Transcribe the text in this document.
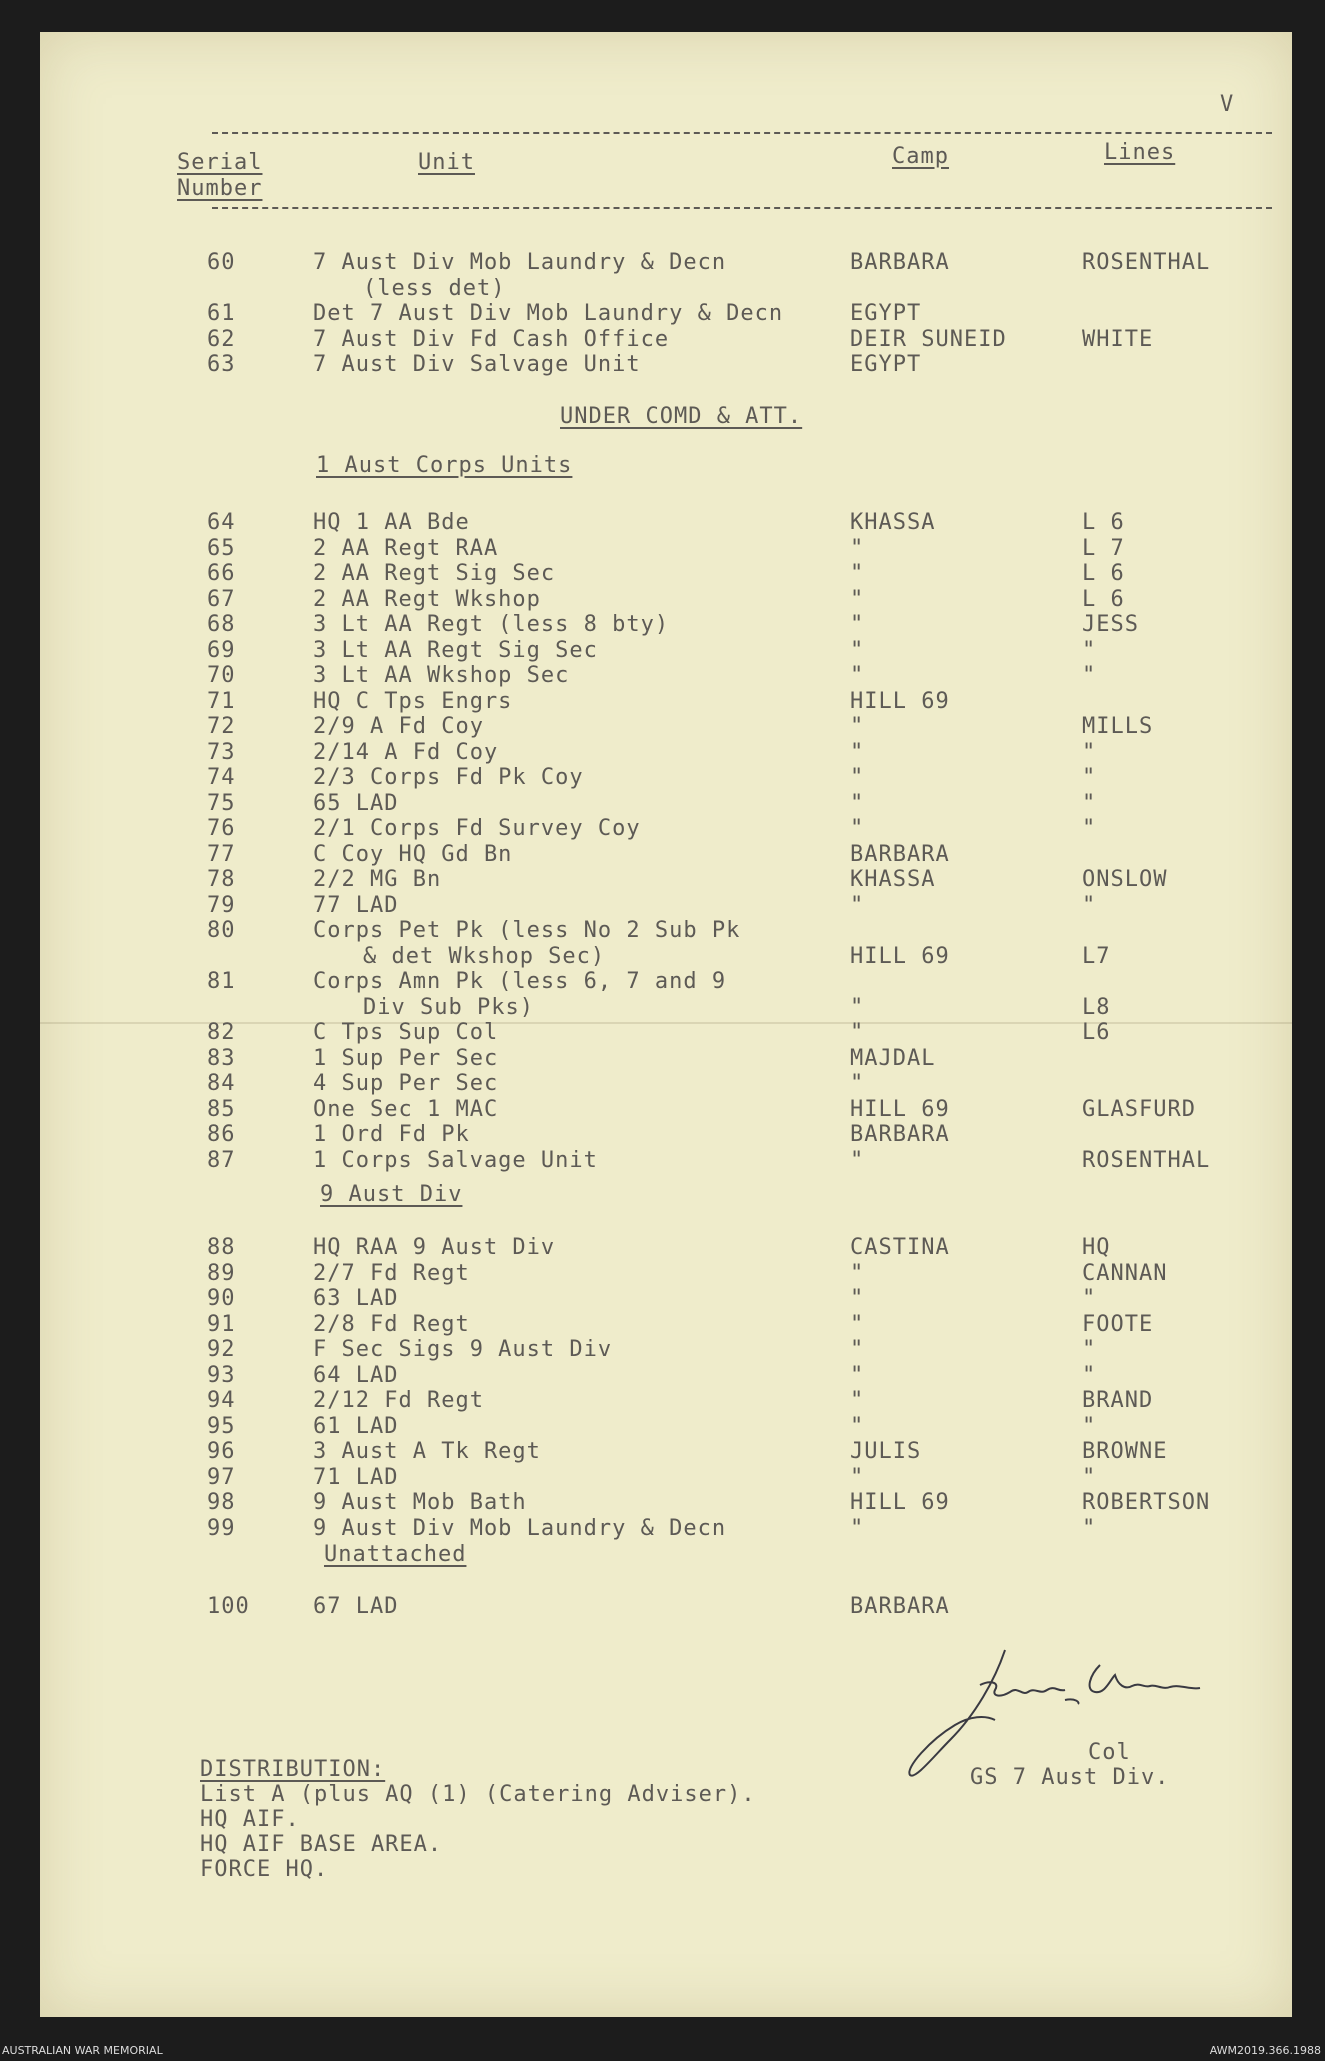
V
Serial
Number
Unit	Camp	Lines
60	7 Aust Div Mob Laundry & Decn	BARBARA	ROSENTHAL
(less det)
61	Det 7 Aust Div Mob Laundry & Decn	EGYPT
62	7 Aust Div Fd Cash Office	DEIR SUNEID	WHITE
63	7 Aust Div Salvage Unit	EGYPT
UNDER COMD & ATT.
1 Aust Corps Units
64	HQ 1 AA Bde	KHASSA	L 6
65	2 AA Regt RAA	"	L 7
66	2 AA Regt Sig Sec	"	L 6
67	2 AA Regt Wkshop	"	L 6
68	3 Lt AA Regt (less 8 bty)	"	JESS
69	3 Lt AA Regt Sig Sec	"	"
70	3 Lt AA Wkshop Sec	"	"
71	HQ C Tps Engrs	HILL 69
72	2/9 A Fd Coy	"	MILLS
73	2/14 A Fd Coy	"	"
74	2/3 Corps Fd Pk Coy	"	"
75	65 LAD	"	"
76	2/1 Corps Fd Survey Coy	"	"
77	C Coy HQ Gd Bn	BARBARA
78	2/2 MG Bn	KHASSA	ONSLOW
79	77 LAD	"	"
80	Corps Pet Pk (less No 2 Sub Pk
& det Wkshop Sec)	HILL 69	L7
81	Corps Amn Pk (less 6, 7 and 9
Div Sub Pks)	"	L8
82	C Tps Sup Col	"	L6
83	1 Sup Per Sec	MAJDAL
84	4 Sup Per Sec	"
85	One Sec 1 MAC	HILL 69	GLASFURD
86	1 Ord Fd Pk	BARBARA
87	1 Corps Salvage Unit	"	ROSENTHAL
9 Aust Div
88	HQ RAA 9 Aust Div	CASTINA	HQ
89	2/7 Fd Regt	"	CANNAN
90	63 LAD	"	"
91	2/8 Fd Regt	"	FOOTE
92	F Sec Sigs 9 Aust Div	"	"
93	64 LAD	"	"
94	2/12 Fd Regt	"	BRAND
95	61 LAD	"	"
96	3 Aust A Tk Regt	JULIS	BROWNE
97	71 LAD	"	"
98	9 Aust Mob Bath	HILL 69	ROBERTSON
99	9 Aust Div Mob Laundry & Decn	"	"
Unattached
100	67 LAD	BARBARA
Col
GS 7 Aust Div.
DISTRIBUTION:
List A (plus AQ (1) (Catering Adviser).
HQ AIF.
HQ AIF BASE AREA.
FORCE HQ.
AUSTRALIAN WAR MEMORIAL	AWM2019.366.1988
